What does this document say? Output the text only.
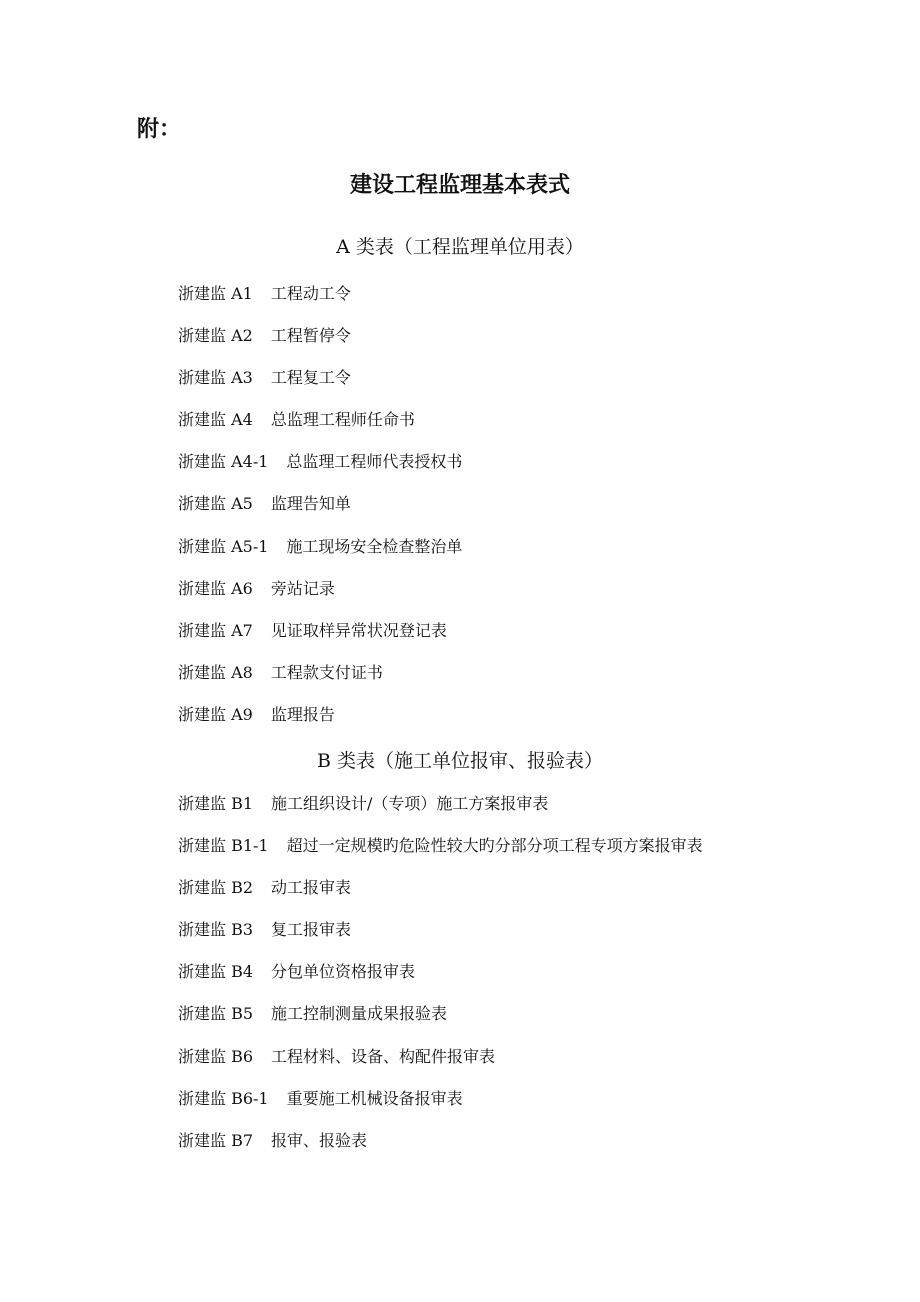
附：
建设工程监理基本表式
A 类表（工程监理单位用表）
浙建监 A1 工程动工令
浙建监 A2 工程暂停令
浙建监 A3 工程复工令
浙建监 A4 总监理工程师任命书
浙建监 A4-1 总监理工程师代表授权书
浙建监 A5 监理告知单
浙建监 A5-1 施工现场安全检查整治单
浙建监 A6 旁站记录
浙建监 A7 见证取样异常状况登记表
浙建监 A8 工程款支付证书
浙建监 A9 监理报告
B 类表（施工单位报审、报验表）
浙建监 B1 施工组织设计/（专项）施工方案报审表
浙建监 B1-1 超过一定规模旳危险性较大旳分部分项工程专项方案报审表
浙建监 B2 动工报审表
浙建监 B3 复工报审表
浙建监 B4 分包单位资格报审表
浙建监 B5 施工控制测量成果报验表
浙建监 B6 工程材料、设备、构配件报审表
浙建监 B6-1 重要施工机械设备报审表
浙建监 B7 报审、报验表
